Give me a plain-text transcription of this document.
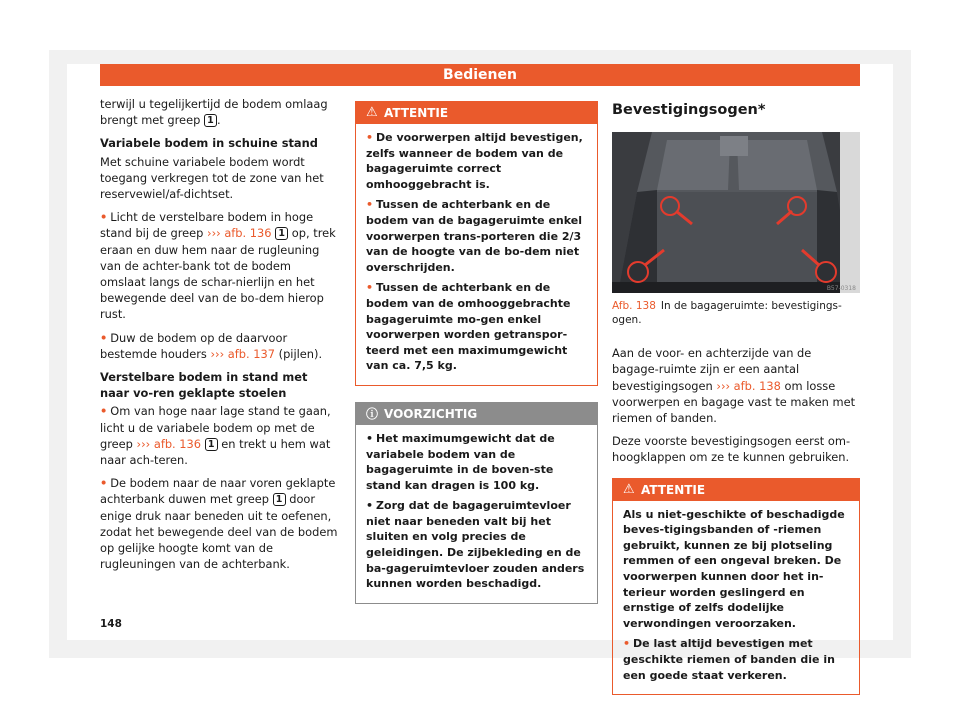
Bedienen

terwijl u tegelijkertijd de bodem omlaag brengt met greep 1 .

Variabele bodem in schuine stand

Met schuine variabele bodem wordt toegang verkregen tot de zone van het reservewiel/af-dichtset.

• Licht de verstelbare bodem in hoge stand bij de greep ››› afb. 136 1 op, trek eraan en duw hem naar de rugleuning van de achter-bank tot de bodem omslaat langs de schar-nierlijn en het bewegende deel van de bo-dem hierop rust.

• Duw de bodem op de daarvoor bestemde houders ››› afb. 137 (pijlen).

Verstelbare bodem in stand met naar vo-ren geklapte stoelen

• Om van hoge naar lage stand te gaan, licht u de variabele bodem op met de greep ››› afb. 136 1 en trekt u hem wat naar ach-teren.

• De bodem naar de naar voren geklapte achterbank duwen met greep 1 door enige druk naar beneden uit te oefenen, zodat het bewegende deel van de bodem op gelijke hoogte komt van de rugleuningen van de achterbank.

⚠ ATTENTIE

• De voorwerpen altijd bevestigen, zelfs wanneer de bodem van de bagageruimte correct omhooggebracht is.

• Tussen de achterbank en de bodem van de bagageruimte enkel voorwerpen trans-porteren die 2/3 van de hoogte van de bo-dem niet overschrijden.

• Tussen de achterbank en de bodem van de omhooggebrachte bagageruimte mo-gen enkel voorwerpen worden getranspor-teerd met een maximumgewicht van ca. 7,5 kg.

ⓘ VOORZICHTIG

• Het maximumgewicht dat de variabele bodem van de bagageruimte in de boven-ste stand kan dragen is 100 kg.

• Zorg dat de bagageruimtevloer niet naar beneden valt bij het sluiten en volg precies de geleidingen. De zijbekleding en de ba-gageruimtevloer zouden anders kunnen worden beschadigd.

Bevestigingsogen*
B57-0318
Afb. 138 In de bagageruimte: bevestigings-ogen.

Aan de voor- en achterzijde van de bagage-ruimte zijn er een aantal bevestigingsogen ››› afb. 138 om losse voorwerpen en bagage vast te maken met riemen of banden.

Deze voorste bevestigingsogen eerst om-hoogklappen om ze te kunnen gebruiken.

⚠ ATTENTIE

Als u niet-geschikte of beschadigde beves-tigingsbanden of -riemen gebruikt, kunnen ze bij plotseling remmen of een ongeval breken. De voorwerpen kunnen door het in-terieur worden geslingerd en ernstige of zelfs dodelijke verwondingen veroorzaken.

• De last altijd bevestigen met geschikte riemen of banden die in een goede staat verkeren.

148
